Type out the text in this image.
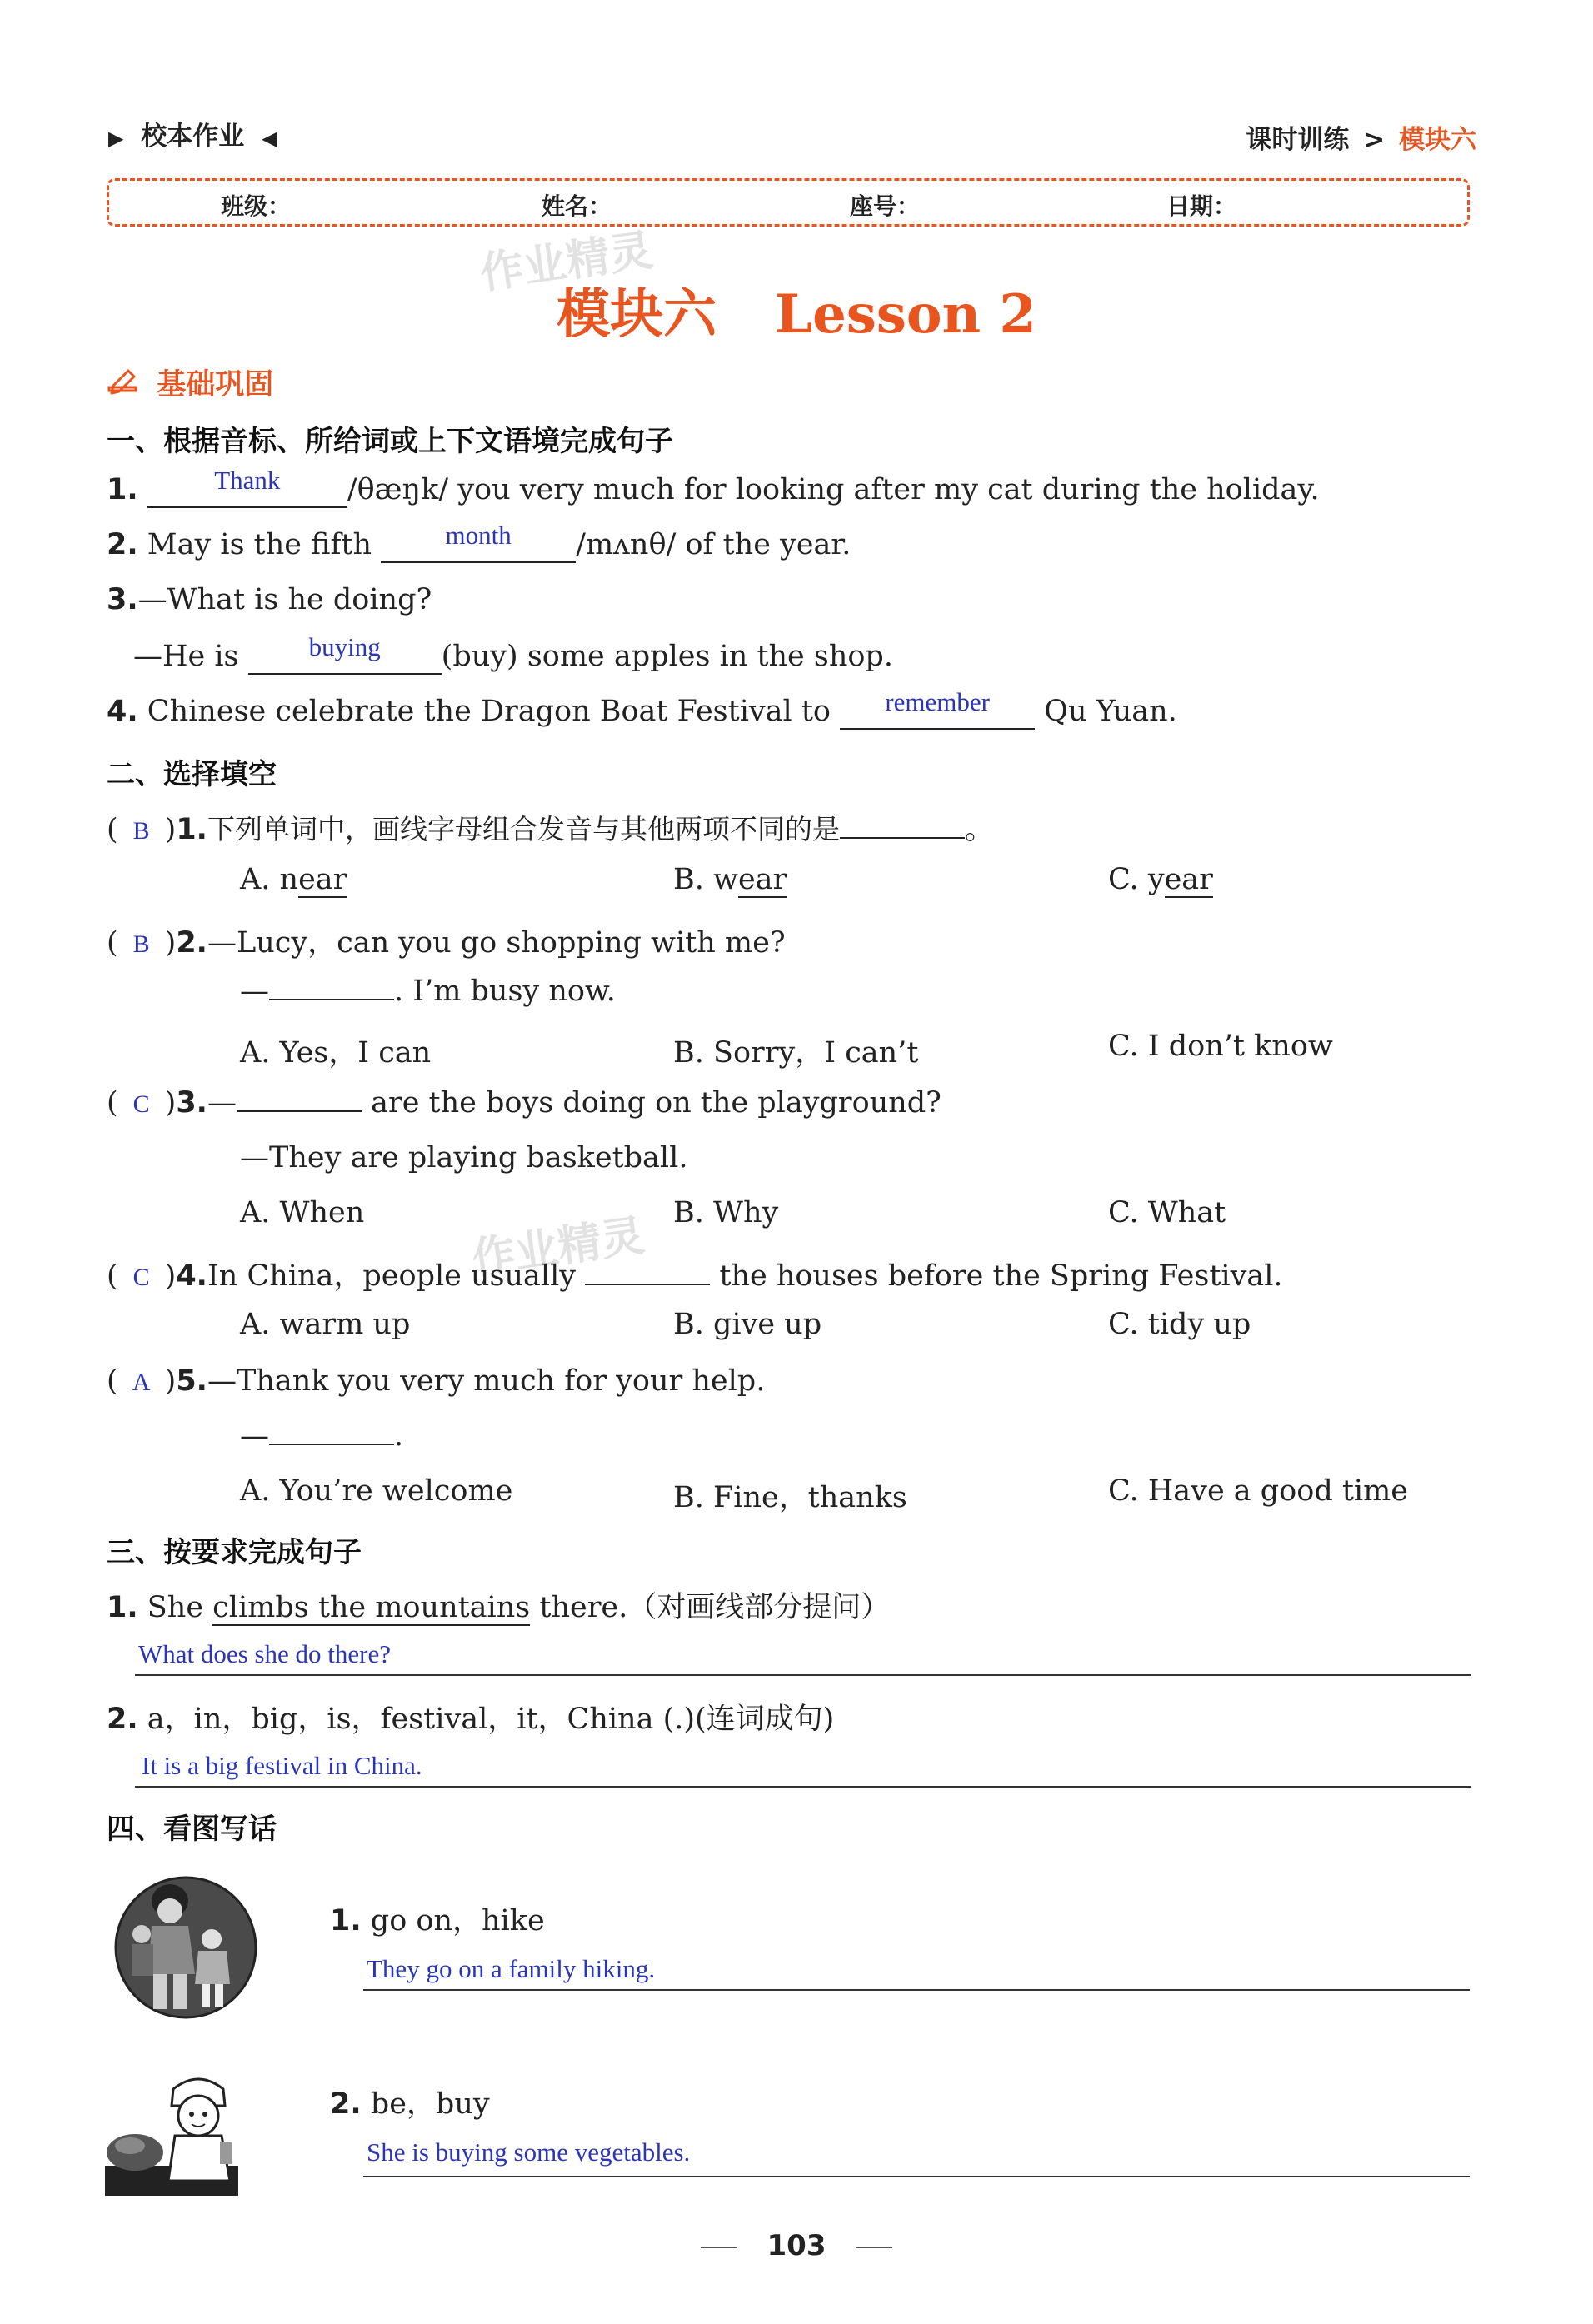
▶ 校本作业 ◀	课时训练 > 模块六
班级：	姓名：	座号：	日期：
作业精灵
作业精灵
模块六 Lesson 2
基础巩固
一、根据音标、所给词或上下文语境完成句子
1.	Thank /θæŋk/ you very much for looking after my cat during the holiday.
2. May is the fifth	month /mʌnθ/ of the year.
3.—What is he doing?
—He is	buying (buy) some apples in the shop.
4. Chinese celebrate the Dragon Boat Festival to remember Qu Yuan.
二、选择填空
( B )1.下列单词中，画线字母组合发音与其他两项不同的是	。
A. near	B. wear	C. year
( B )2.—Lucy，can you go shopping with me?
—	. I’m busy now.
A. Yes，I can	B. Sorry，I can’t	C. I don’t know
( C )3.—	are the boys doing on the playground?
—They are playing basketball.
A. When	B. Why	C. What
( C )4.In China，people usually	the houses before the Spring Festival.
A. warm up	B. give up	C. tidy up
( A )5.—Thank you very much for your help.
—	.
A. You’re welcome	B. Fine，thanks	C. Have a good time
三、按要求完成句子
1. She climbs the mountains there.（对画线部分提问）
What does she do there?
2. a，in，big，is，festival，it，China (.)(连词成句)
It is a big festival in China.
四、看图写话
1. go on，hike
They go on a family hiking.
2. be，buy
She is buying some vegetables.
103
